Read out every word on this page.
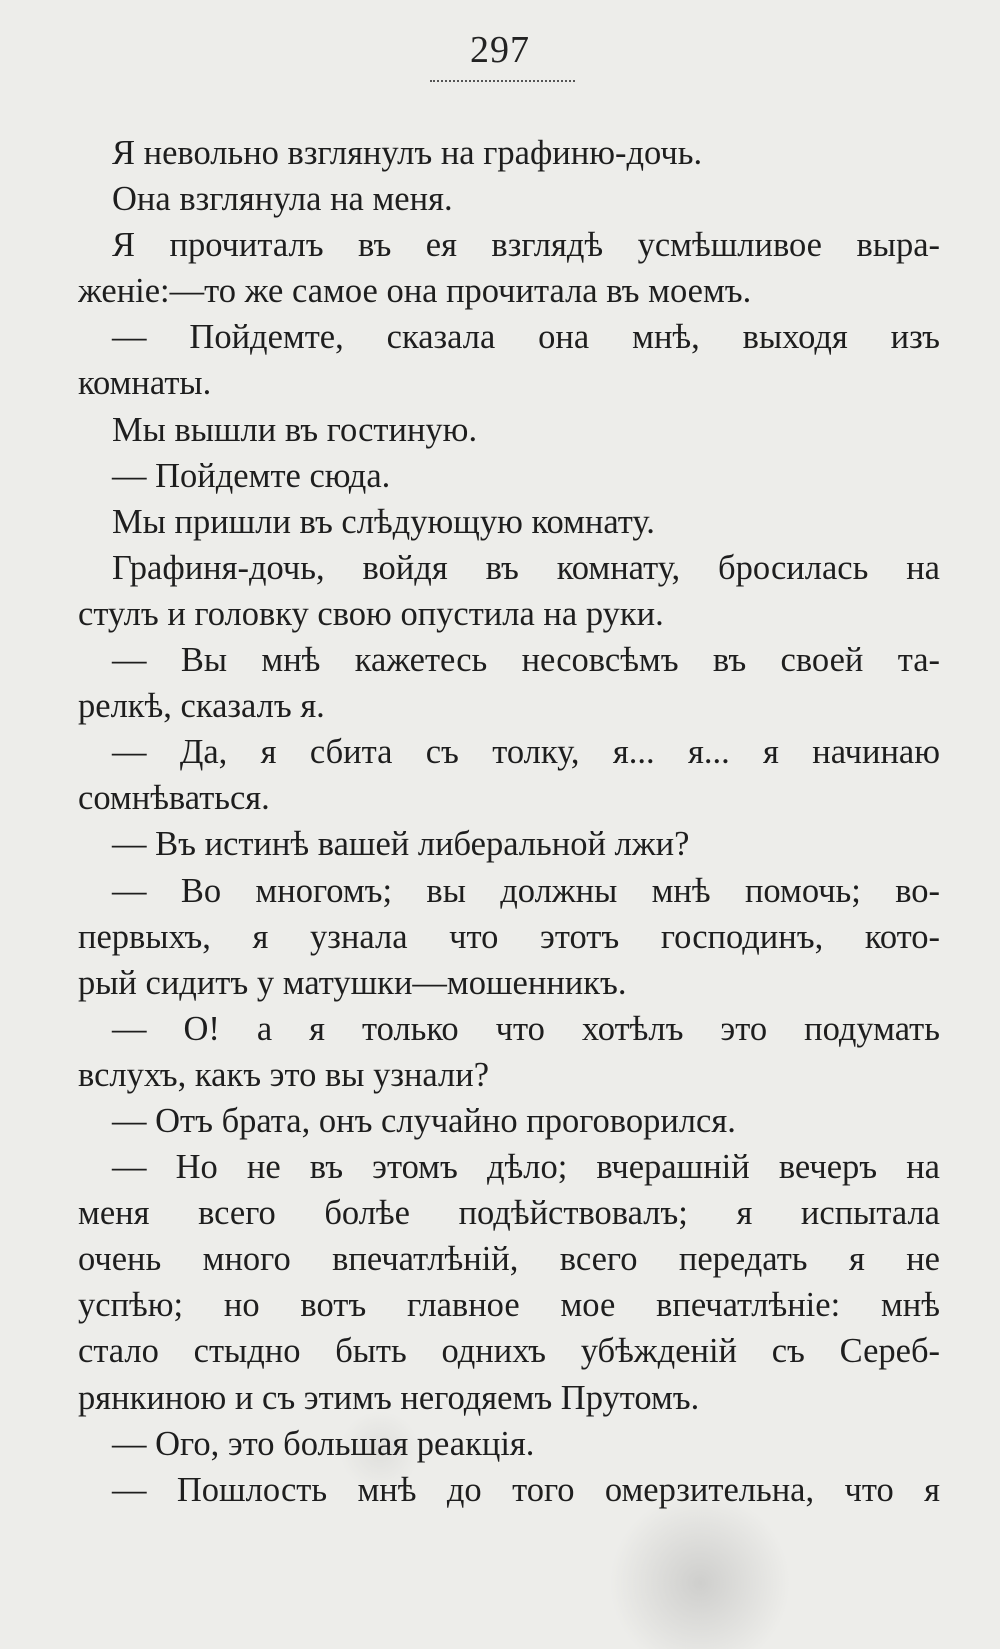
297
Я невольно взглянулъ на графиню-дочь.
Она взглянула на меня.
Я прочиталъ въ ея взглядѣ усмѣшливое выра-
женіе:—то же самое она прочитала въ моемъ.
— Пойдемте, сказала она мнѣ, выходя изъ
комнаты.
Мы вышли въ гостиную.
— Пойдемте сюда.
Мы пришли въ слѣдующую комнату.
Графиня-дочь, войдя въ комнату, бросилась на
стулъ и головку свою опустила на руки.
— Вы мнѣ кажетесь несовсѣмъ въ своей та-
релкѣ, сказалъ я.
— Да, я сбита съ толку, я... я... я начинаю
сомнѣваться.
— Въ истинѣ вашей либеральной лжи?
— Во многомъ; вы должны мнѣ помочь; во-
первыхъ, я узнала что этотъ господинъ, кото-
рый сидитъ у матушки—мошенникъ.
— О! а я только что хотѣлъ это подумать
вслухъ, какъ это вы узнали?
— Отъ брата, онъ случайно проговорился.
— Но не въ этомъ дѣло; вчерашній вечеръ на
меня всего болѣе подѣйствовалъ; я испытала
очень много впечатлѣній, всего передать я не
успѣю; но вотъ главное мое впечатлѣніе: мнѣ
стало стыдно быть однихъ убѣжденій съ Сереб-
рянкиною и съ этимъ негодяемъ Прутомъ.
— Ого, это большая реакція.
— Пошлость мнѣ до того омерзительна, что я
